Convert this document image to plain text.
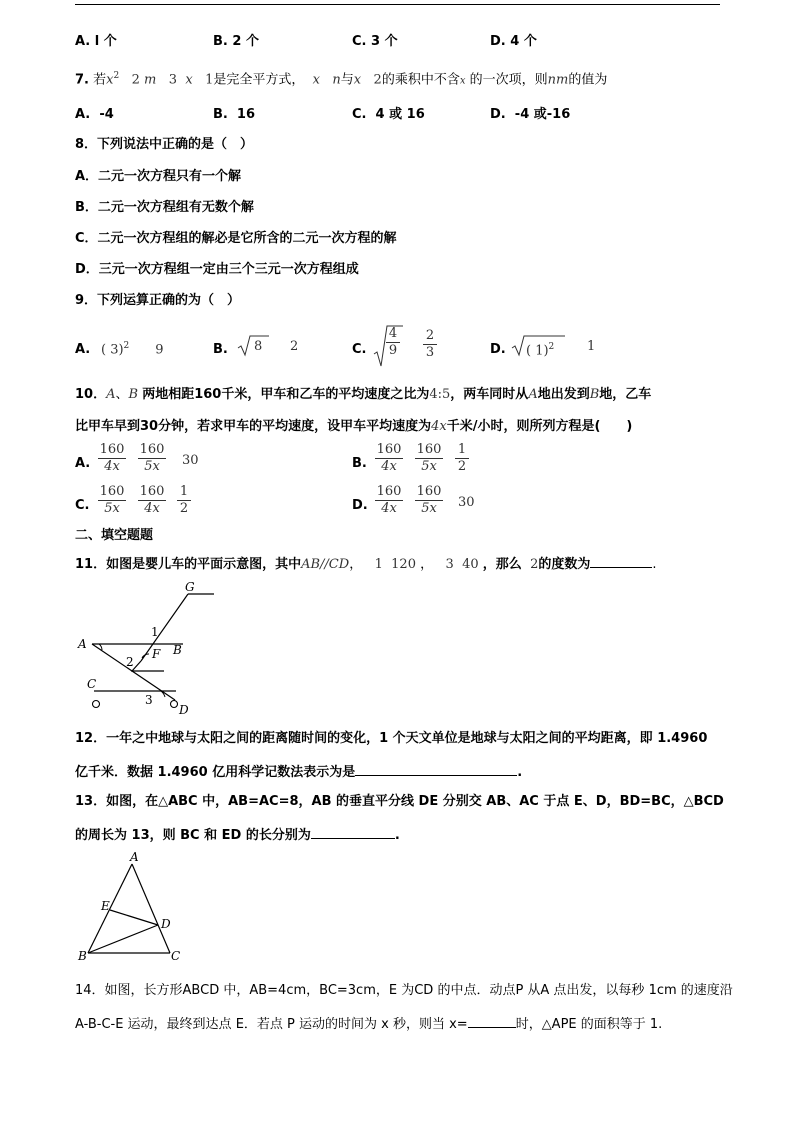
A. l 个	B. 2 个	C. 3 个	D. 4 个
7. 若$x^2$ 2 m 3 x 1是完全平方式， x n与x 2的乘积中不含x 的一次项，则nm的值为
A. -4	B. 16	C. 4 或 16	D. -4 或-16
8．下列说法中正确的是（　）
A．二元一次方程只有一个解
B．二元一次方程组有无数个解
C．二元一次方程组的解必是它所含的二元一次方程的解
D．三元一次方程组一定由三个三元一次方程组成
9．下列运算正确的为（　）
A. ( 3)$^2$ 9	B. 8 2	C. $\frac{4}{9} \frac{2}{3}$	D. ( 1)$^2$	1
10．A、B 两地相距160千米，甲车和乙车的平均速度之比为4:5，两车同时从A地出发到B地，乙车
比甲车早到30分钟，若求甲车的平均速度，设甲车平均速度为4x千米/小时，则所列方程是(　　)
A. $\frac{160}{4x} \frac{160}{5x} 30$	B. $\frac{160}{4x} \frac{160}{5x} \frac{1}{2}$
C. $\frac{160}{5x} \frac{160}{4x} \frac{1}{2}$	D. $\frac{160}{4x} \frac{160}{5x} 30$
二、填空题题
11．如图是婴儿车的平面示意图，其中AB//CD， 1 120 ， 3 40 ，那么 2的度数为	.
G
A
1
2
F B
C
3
D
12．一年之中地球与太阳之间的距离随时间的变化，1 个天文单位是地球与太阳之间的平均距离，即 1.4960
亿千米．数据 1.4960 亿用科学记数法表示为是	.
13．如图，在△ABC 中，AB=AC=8，AB 的垂直平分线 DE 分别交 AB、AC 于点 E、D，BD=BC，△BCD
的周长为 13，则 BC 和 ED 的长分别为	.
A
E
D
B	C
14．如图，长方形ABCD 中，AB=4cm，BC=3cm，E 为CD 的中点．动点P 从A 点出发，以每秒 1cm 的速度沿
A-B-C-E 运动，最终到达点 E．若点 P 运动的时间为 x 秒，则当 x=	时，△APE 的面积等于 1.
